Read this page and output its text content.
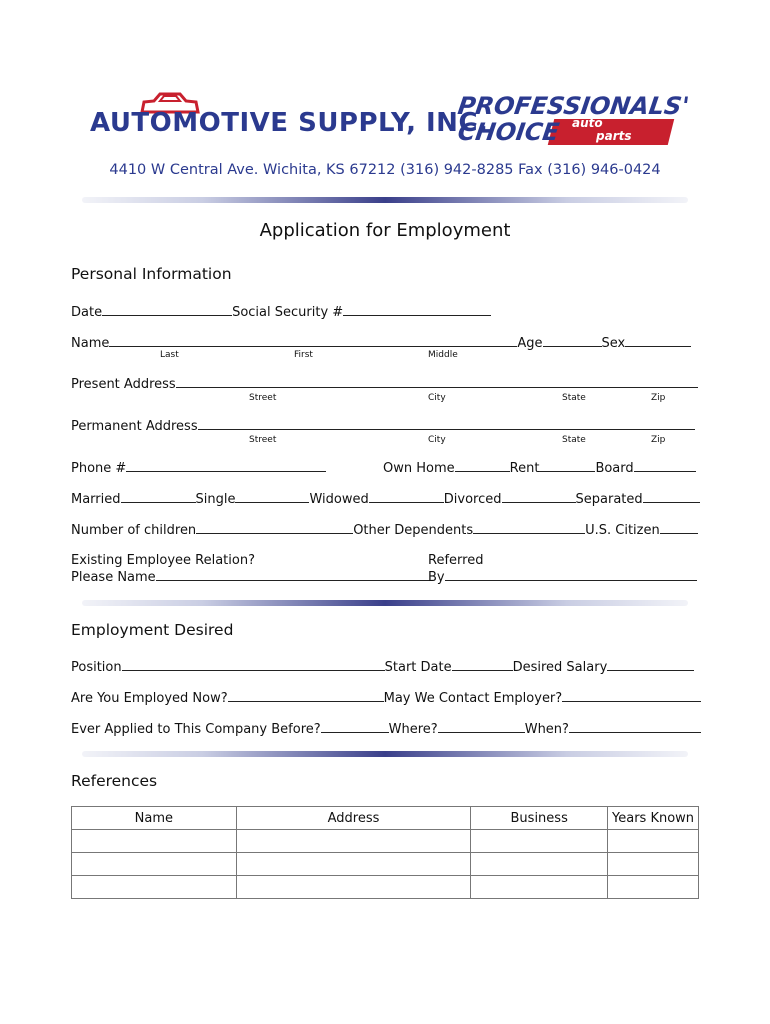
AUTOMOTIVE SUPPLY, INC.
PROFESSIONALS'
CHOICE auto
parts
4410 W Central Ave. Wichita, KS 67212 (316) 942-8285 Fax (316) 946-0424
Application for Employment
Personal Information
Date	Social Security #
Name	Age	Sex
Last	First	Middle
Present Address
Street	City	State	Zip
Permanent Address
Street	City	State	Zip
Phone #	Own Home	Rent	Board
Married	Single	Widowed	Divorced	Separated
Number of children	Other Dependents	U.S. Citizen
Existing Employee Relation?
Please Name
Referred
By
Employment Desired
Position	Start Date	Desired Salary
Are You Employed Now?	May We Contact Employer?
Ever Applied to This Company Before?	Where?	When?
References
Name	Address	Business	Years Known
